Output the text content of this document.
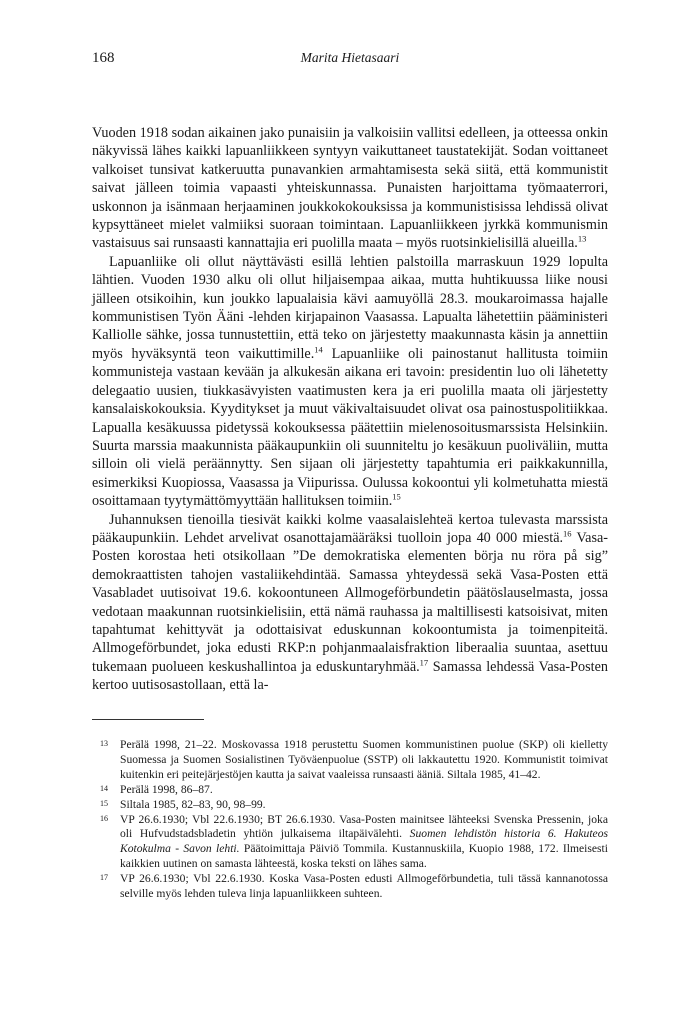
168	Marita Hietasaari

Vuoden 1918 sodan aikainen jako punaisiin ja valkoisiin vallitsi edelleen, ja otteessa onkin näkyvissä lähes kaikki lapuanliikkeen syntyyn vaikuttaneet taustatekijät. Sodan voittaneet valkoiset tunsivat katkeruutta punavankien armahtamisesta sekä siitä, että kommunistit saivat jälleen toimia vapaasti yhteiskunnassa. Punaisten harjoittama työmaaterrori, uskonnon ja isänmaan herjaaminen joukkokokouksissa ja kommunistisissa lehdissä olivat kypsyttäneet mielet valmiiksi suoraan toimintaan. Lapuanliikkeen jyrkkä kommunismin vastaisuus sai runsaasti kannattajia eri puolilla maata – myös ruotsinkielisillä alueilla.$^{13}$

Lapuanliike oli ollut näyttävästi esillä lehtien palstoilla marraskuun 1929 lopulta lähtien. Vuoden 1930 alku oli ollut hiljaisempaa aikaa, mutta huhtikuussa liike nousi jälleen otsikoihin, kun joukko lapualaisia kävi aamuyöllä 28.3. moukaroimassa hajalle kommunistisen Työn Ääni -lehden kirjapainon Vaasassa. Lapualta lähetettiin pääministeri Kalliolle sähke, jossa tunnustettiin, että teko on järjestetty maakunnasta käsin ja annettiin myös hyväksyntä teon vaikuttimille.$^{14}$ Lapuanliike oli painostanut hallitusta toimiin kommunisteja vastaan kevään ja alkukesän aikana eri tavoin: presidentin luo oli lähetetty delegaatio uusien, tiukkasävyisten vaatimusten kera ja eri puolilla maata oli järjestetty kansalaiskokouksia. Kyyditykset ja muut väkivaltaisuudet olivat osa painostuspolitiikkaa. Lapualla kesäkuussa pidetyssä kokouksessa päätettiin mielenosoitusmarssista Helsinkiin. Suurta marssia maakunnista pääkaupunkiin oli suunniteltu jo kesäkuun puoliväliin, mutta silloin oli vielä peräännytty. Sen sijaan oli järjestetty tapahtumia eri paikkakunnilla, esimerkiksi Kuopiossa, Vaasassa ja Viipurissa. Oulussa kokoontui yli kolmetuhatta miestä osoittamaan tyytymättömyyttään hallituksen toimiin.$^{15}$

Juhannuksen tienoilla tiesivät kaikki kolme vaasalaislehteä kertoa tulevasta marssista pääkaupunkiin. Lehdet arvelivat osanottajamääräksi tuolloin jopa 40 000 miestä.$^{16}$ Vasa-Posten korostaa heti otsikollaan ”De demokratiska elementen börja nu röra på sig” demokraattisten tahojen vastaliikehdintää. Samassa yhteydessä sekä Vasa-Posten että Vasabladet uutisoivat 19.6. kokoontuneen Allmogeförbundetin päätöslauselmasta, jossa vedotaan maakunnan ruotsinkielisiin, että nämä rauhassa ja maltillisesti katsoisivat, miten tapahtumat kehittyvät ja odottaisivat eduskunnan kokoontumista ja toimenpiteitä. Allmogeförbundet, joka edusti RKP:n pohjanmaalaisfraktion liberaalia suuntaa, asettuu tukemaan puolueen keskushallintoa ja eduskuntaryhmää.$^{17}$ Samassa lehdessä Vasa-Posten kertoo uutisosastollaan, että la-

13 Perälä 1998, 21–22. Moskovassa 1918 perustettu Suomen kommunistinen puolue (SKP) oli kielletty Suomessa ja Suomen Sosialistinen Työväenpuolue (SSTP) oli lakkautettu 1920. Kommunistit toimivat kuitenkin eri peitejärjestöjen kautta ja saivat vaaleissa runsaasti ääniä. Siltala 1985, 41–42.

14 Perälä 1998, 86–87.

15 Siltala 1985, 82–83, 90, 98–99.

16 VP 26.6.1930; Vbl 22.6.1930; BT 26.6.1930. Vasa-Posten mainitsee lähteeksi Svenska Pressenin, joka oli Hufvudstadsbladetin yhtiön julkaisema iltapäivälehti. Suomen lehdistön historia 6. Hakuteos Kotokulma - Savon lehti. Päätoimittaja Päiviö Tommila. Kustannuskiila, Kuopio 1988, 172. Ilmeisesti kaikkien uutinen on samasta lähteestä, koska teksti on lähes sama.

17 VP 26.6.1930; Vbl 22.6.1930. Koska Vasa-Posten edusti Allmogeförbundetia, tuli tässä kannanotossa selville myös lehden tuleva linja lapuanliikkeen suhteen.
